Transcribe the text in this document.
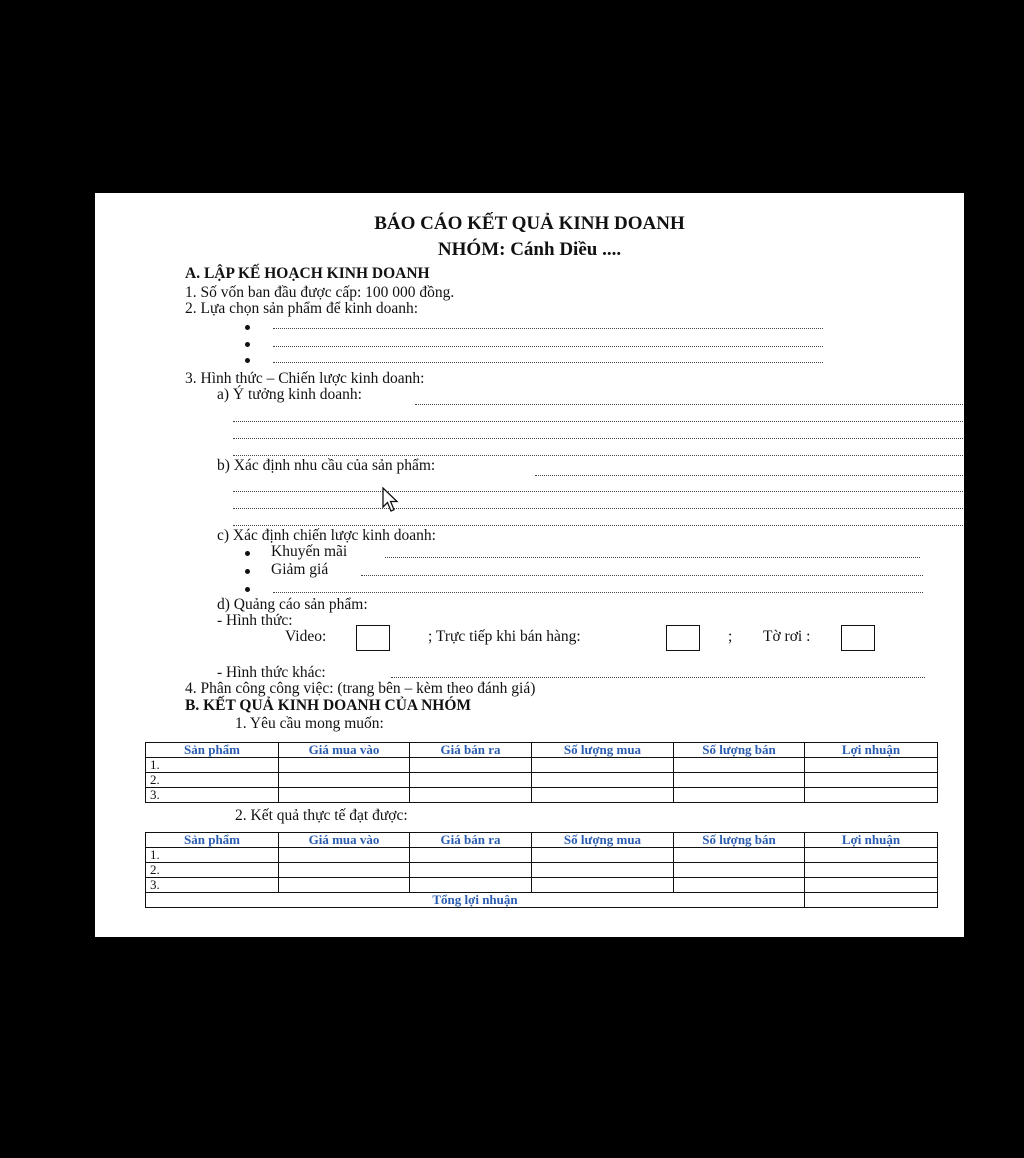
BÁO CÁO KẾT QUẢ KINH DOANH
NHÓM: Cánh Diều ....
A. LẬP KẾ HOẠCH KINH DOANH
1. Số vốn ban đầu được cấp: 100 000 đồng.
2. Lựa chọn sản phẩm để kinh doanh:
3. Hình thức – Chiến lược kinh doanh:
a) Ý tưởng kinh doanh:
b) Xác định nhu cầu của sản phẩm:
c) Xác định chiến lược kinh doanh:
Khuyến mãi
Giảm giá
d) Quảng cáo sản phẩm:
- Hình thức:
Video:	; Trực tiếp khi bán hàng:	; Tờ rơi :
- Hình thức khác:
4. Phân công công việc: (trang bên – kèm theo đánh giá)
B. KẾT QUẢ KINH DOANH CỦA NHÓM
1. Yêu cầu mong muốn:
Sản phẩm	Giá mua vào	Giá bán ra	Số lượng mua	Số lượng bán	Lợi nhuận
1.					
2.					
3.					
2. Kết quả thực tế đạt được:
Sản phẩm	Giá mua vào	Giá bán ra	Số lượng mua	Số lượng bán	Lợi nhuận
1.					
2.					
3.					
Tổng lợi nhuận					
